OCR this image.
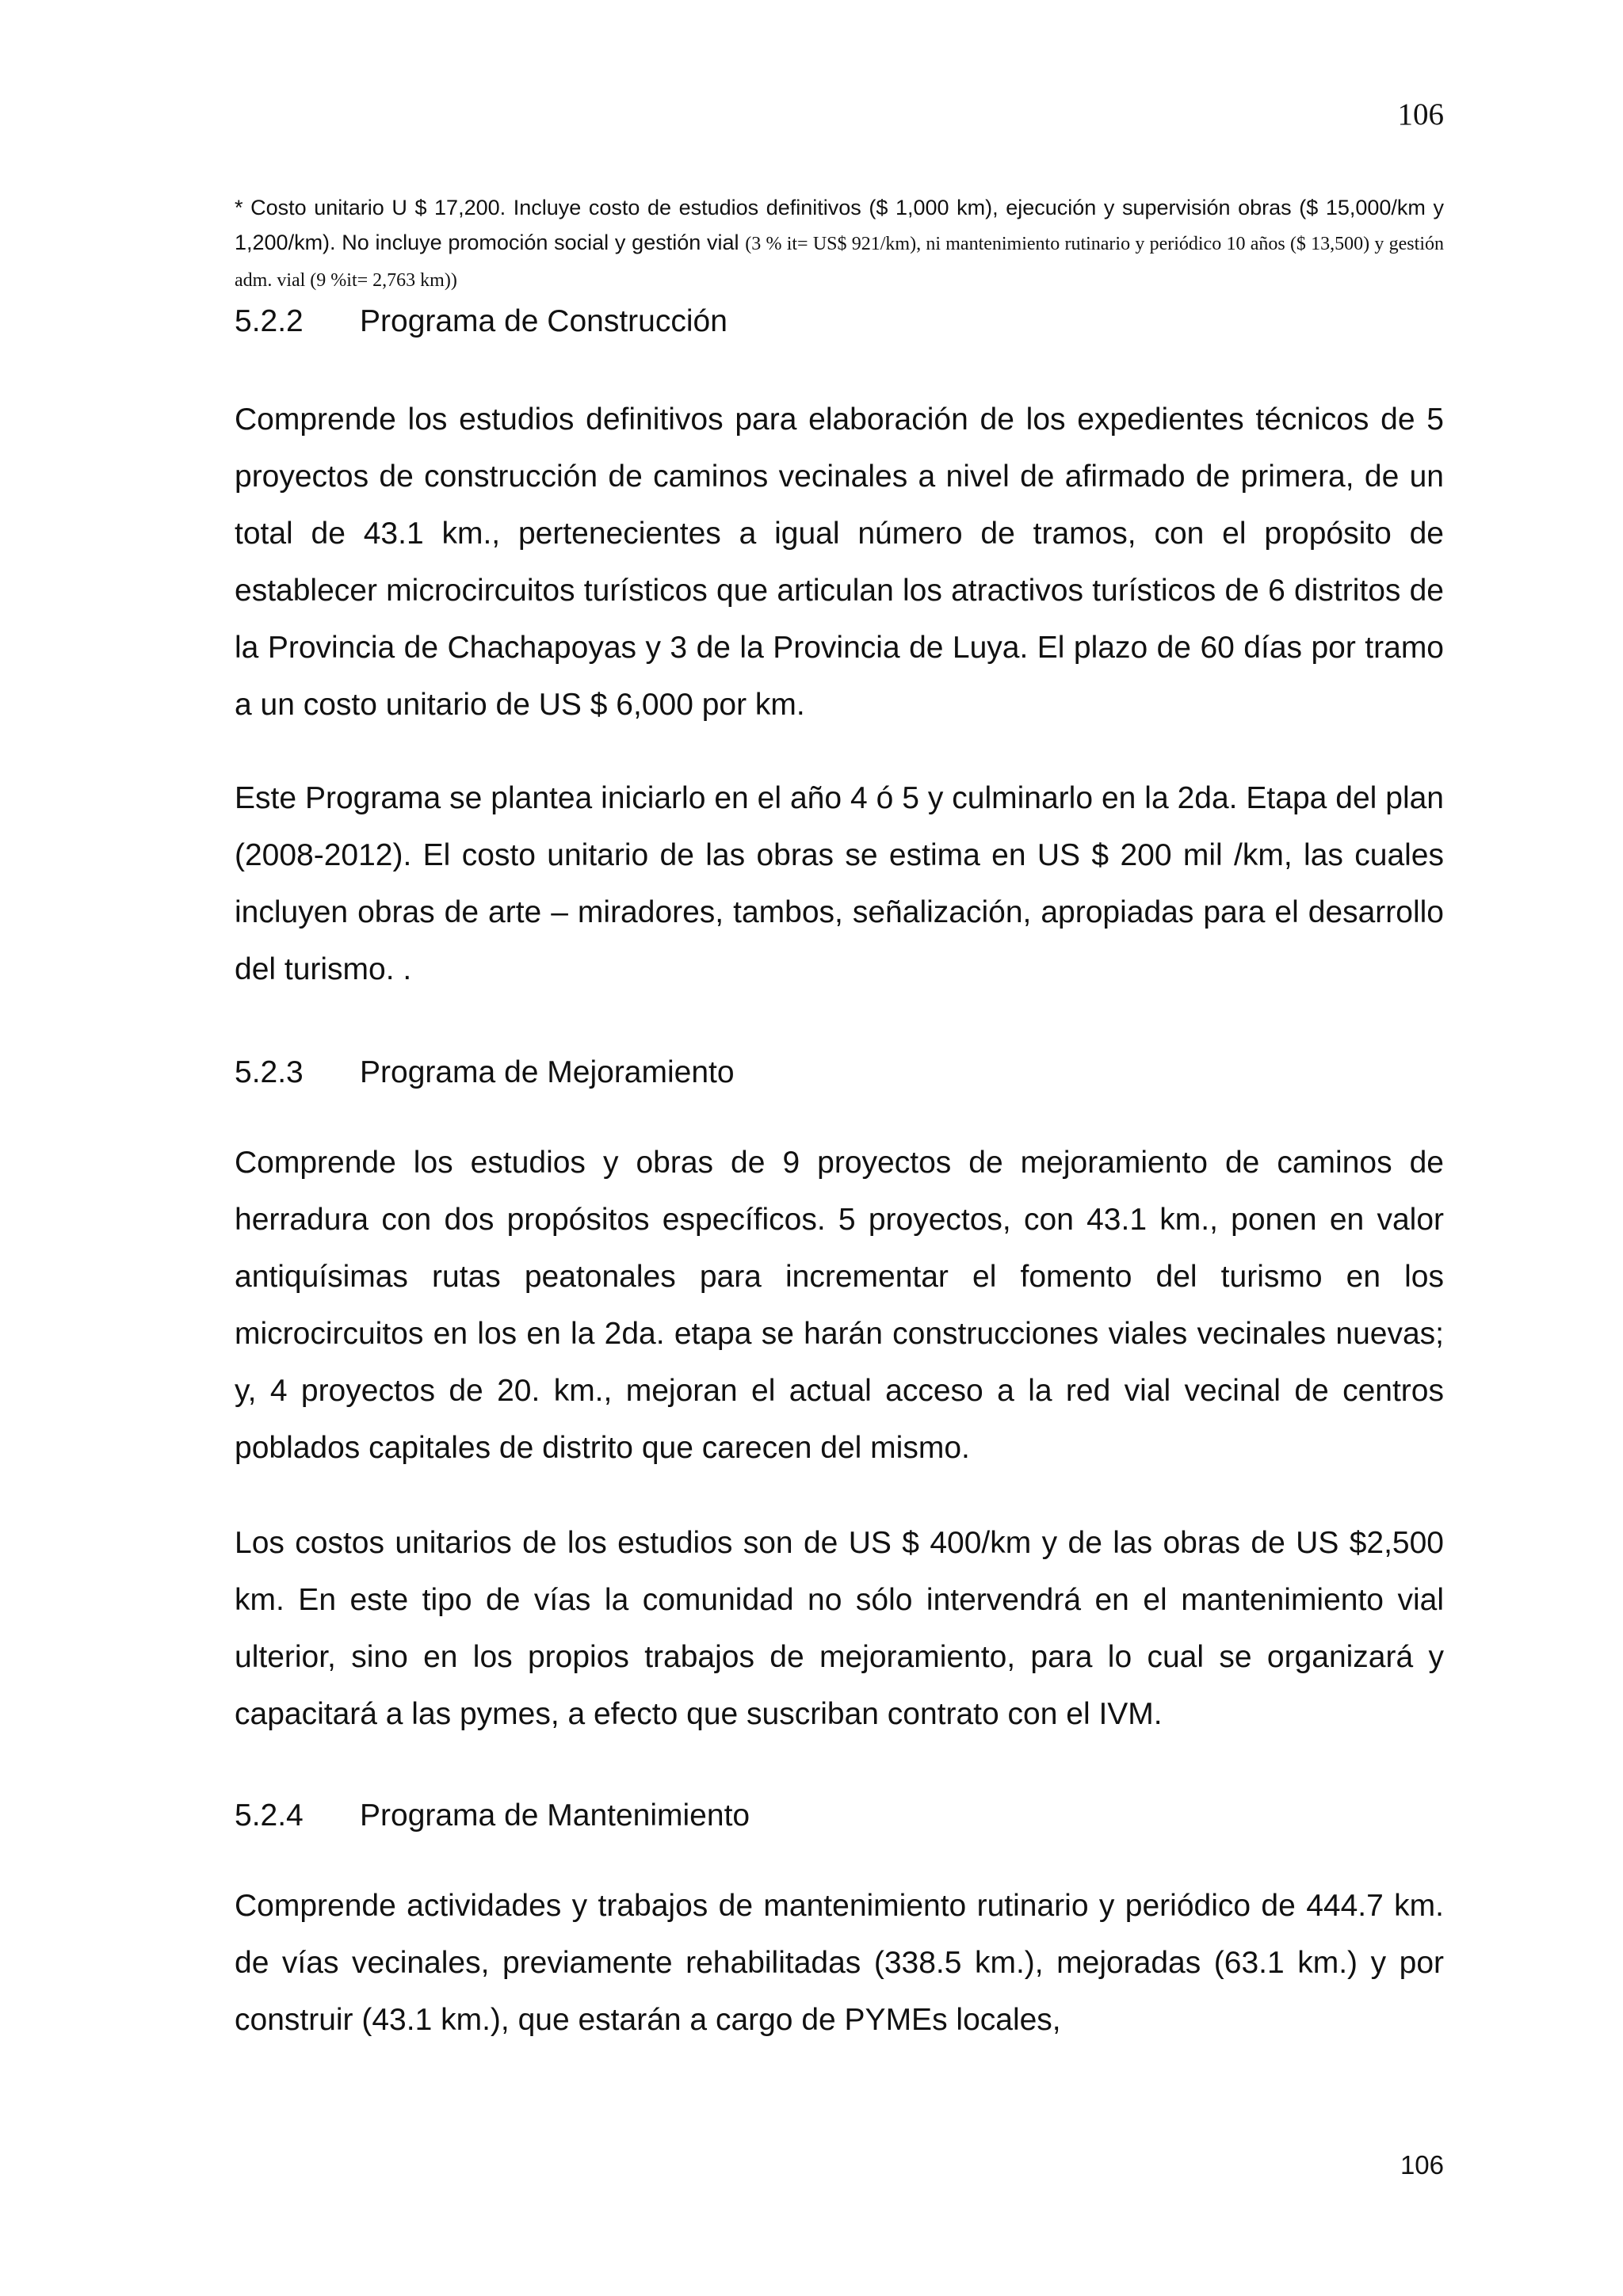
106

* Costo unitario U $ 17,200. Incluye costo de estudios definitivos ($ 1,000 km), ejecución y supervisión obras ($ 15,000/km y 1,200/km). No incluye promoción social y gestión vial (3 % it= US$ 921/km), ni mantenimiento rutinario y periódico 10 años ($ 13,500) y gestión adm. vial (9 %it= 2,763 km))

5.2.2	Programa de Construcción

Comprende los estudios definitivos para elaboración de los expedientes técnicos de 5 proyectos de construcción de caminos vecinales a nivel de afirmado de primera, de un total de 43.1 km., pertenecientes a igual número de tramos, con el propósito de establecer microcircuitos turísticos que articulan los atractivos turísticos de 6 distritos de la Provincia de Chachapoyas y 3 de la Provincia de Luya. El plazo de 60 días por tramo a un costo unitario de US $ 6,000 por km.

Este Programa se plantea iniciarlo en el año 4 ó 5 y culminarlo en la 2da. Etapa del plan (2008-2012). El costo unitario de las obras se estima en US $ 200 mil /km, las cuales incluyen obras de arte – miradores, tambos, señalización, apropiadas para el desarrollo del turismo. .

5.2.3	Programa de Mejoramiento

Comprende los estudios y obras de 9 proyectos de mejoramiento de caminos de herradura con dos propósitos específicos. 5 proyectos, con 43.1 km., ponen en valor antiquísimas rutas peatonales para incrementar el fomento del turismo en los microcircuitos en los en la 2da. etapa se harán construcciones viales vecinales nuevas; y, 4 proyectos de 20. km., mejoran el actual acceso a la red vial vecinal de centros poblados capitales de distrito que carecen del mismo.

Los costos unitarios de los estudios son de US $ 400/km y de las obras de US $2,500 km. En este tipo de vías la comunidad no sólo intervendrá en el mantenimiento vial ulterior, sino en los propios trabajos de mejoramiento, para lo cual se organizará y capacitará a las pymes, a efecto que suscriban contrato con el IVM.

5.2.4	Programa de Mantenimiento

Comprende actividades y trabajos de mantenimiento rutinario y periódico de 444.7 km. de vías vecinales, previamente rehabilitadas (338.5 km.), mejoradas (63.1 km.) y por construir (43.1 km.), que estarán a cargo de PYMEs locales,

106
